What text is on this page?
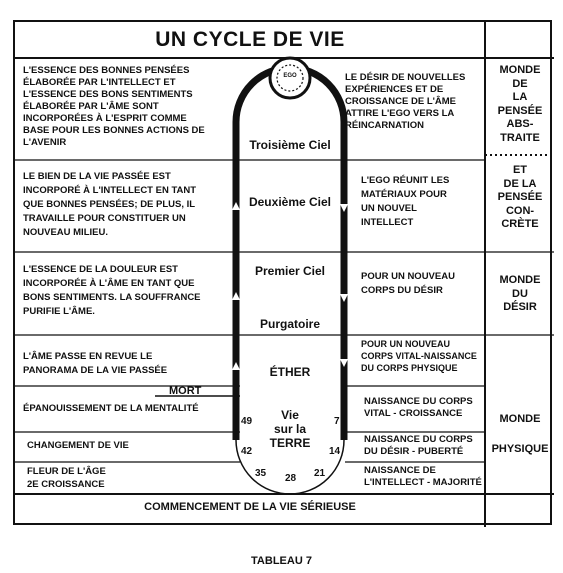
UN CYCLE DE VIE
L'ESSENCE DES BONNES PENSÉES
ÉLABORÉE PAR L'INTELLECT ET
L'ESSENCE DES BONS SENTIMENTS
ÉLABORÉE PAR L'ÂME SONT
INCORPORÉES À L'ESPRIT COMME
BASE POUR LES BONNES ACTIONS DE
L'AVENIR
LE BIEN DE LA VIE PASSÉE EST
INCORPORÉ À L'INTELLECT EN TANT
QUE BONNES PENSÉES; DE PLUS, IL
TRAVAILLE POUR CONSTITUER UN
NOUVEAU MILIEU.
L'ESSENCE DE LA DOULEUR EST
INCORPORÉE À L'ÂME EN TANT QUE
BONS SENTIMENTS. LA SOUFFRANCE
PURIFIE L'ÂME.
L'ÂME PASSE EN REVUE LE
PANORAMA DE LA VIE PASSÉE
MORT
ÉPANOUISSEMENT DE LA MENTALITÉ
CHANGEMENT DE VIE
FLEUR DE L'ÂGE
2E CROISSANCE
EGO
Troisième Ciel
Deuxième Ciel
Premier Ciel
Purgatoire
ÉTHER
Vie
sur la
TERRE
49
42
35 28 21
14
7
LE DÉSIR DE NOUVELLES
EXPÉRIENCES ET DE
CROISSANCE DE L'ÂME
ATTIRE L'EGO VERS LA
RÉINCARNATION
L'EGO RÉUNIT LES
MATÉRIAUX POUR
UN NOUVEL
INTELLECT
POUR UN NOUVEAU
CORPS DU DÉSIR
POUR UN NOUVEAU
CORPS VITAL-NAISSANCE
DU CORPS PHYSIQUE
NAISSANCE DU CORPS
VITAL - CROISSANCE
NAISSANCE DU CORPS
DU DÉSIR - PUBERTÉ
NAISSANCE DE
L'INTELLECT - MAJORITÉ
MONDE
DE
LA
PENSÉE
ABS-
TRAITE
ET
DE LA
PENSÉE
CON-
CRÈTE
MONDE
DU
DÉSIR
MONDE
PHYSIQUE
COMMENCEMENT DE LA VIE SÉRIEUSE
TABLEAU 7
